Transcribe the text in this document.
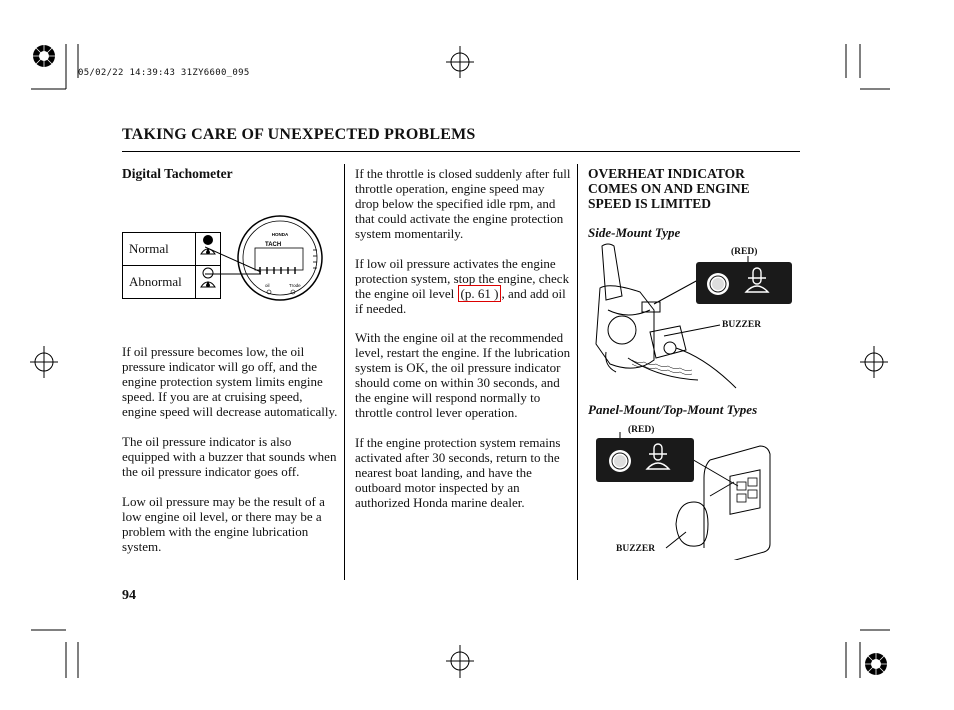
05/02/22 14:39:43 31ZY6600_095
TAKING CARE OF UNEXPECTED PROBLEMS
Digital Tachometer
Normal	
Abnormal	
HONDA
TACH
oil	Trode

If oil pressure becomes low, the oil pressure indicator will go off, and the engine protection system limits engine speed. If you are at cruising speed, engine speed will decrease automatically.

The oil pressure indicator is also equipped with a buzzer that sounds when the oil pressure indicator goes off.

Low oil pressure may be the result of a low engine oil level, or there may be a problem with the engine lubrication system.

94

If the throttle is closed suddenly after full throttle operation, engine speed may drop below the specified idle rpm, and that could activate the engine protection system momentarily.

If low oil pressure activates the engine protection system, stop the engine, check the engine oil level (p. 61 ) , and add oil if needed.

With the engine oil at the recommended level, restart the engine. If the lubrication system is OK, the oil pressure indicator should come on within 30 seconds, and the engine will respond normally to throttle control lever operation.

If the engine protection system remains activated after 30 seconds, return to the nearest boat landing, and have the outboard motor inspected by an authorized Honda marine dealer.

OVERHEAT INDICATOR COMES ON AND ENGINE SPEED IS LIMITED
Side-Mount Type
(RED)
BUZZER
Panel-Mount/Top-Mount Types
(RED)
BUZZER
